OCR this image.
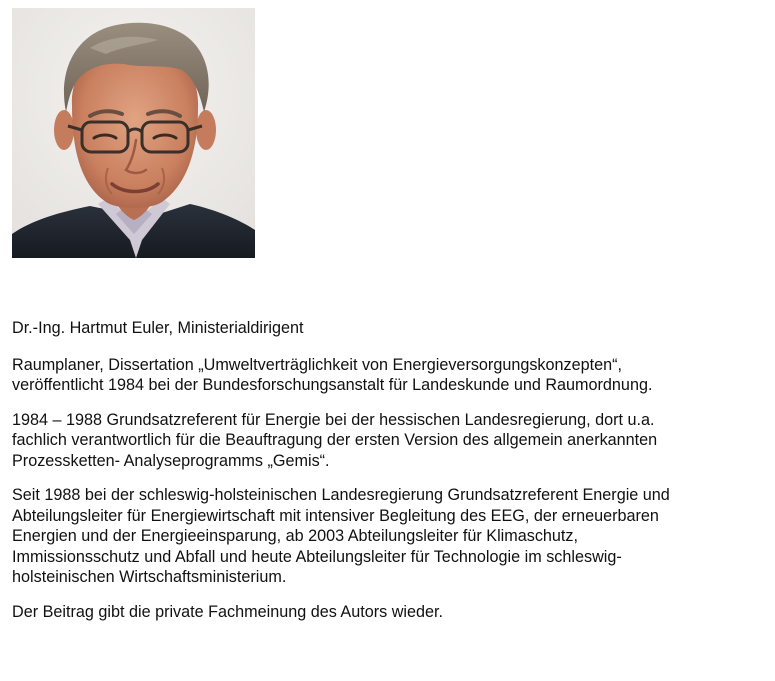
Dr.-Ing. Hartmut Euler, Ministerialdirigent

Raumplaner, Dissertation „Umweltverträglichkeit von Energieversorgungskonzepten“,
veröffentlicht 1984 bei der Bundesforschungsanstalt für Landeskunde und Raumordnung.

1984 – 1988 Grundsatzreferent für Energie bei der hessischen Landesregierung, dort u.a.
fachlich verantwortlich für die Beauftragung der ersten Version des allgemein anerkannten
Prozessketten- Analyseprogramms „Gemis“.

Seit 1988 bei der schleswig-holsteinischen Landesregierung Grundsatzreferent Energie und
Abteilungsleiter für Energiewirtschaft mit intensiver Begleitung des EEG, der erneuerbaren
Energien und der Energieeinsparung, ab 2003 Abteilungsleiter für Klimaschutz,
Immissionsschutz und Abfall und heute Abteilungsleiter für Technologie im schleswig-
holsteinischen Wirtschaftsministerium.

Der Beitrag gibt die private Fachmeinung des Autors wieder.
